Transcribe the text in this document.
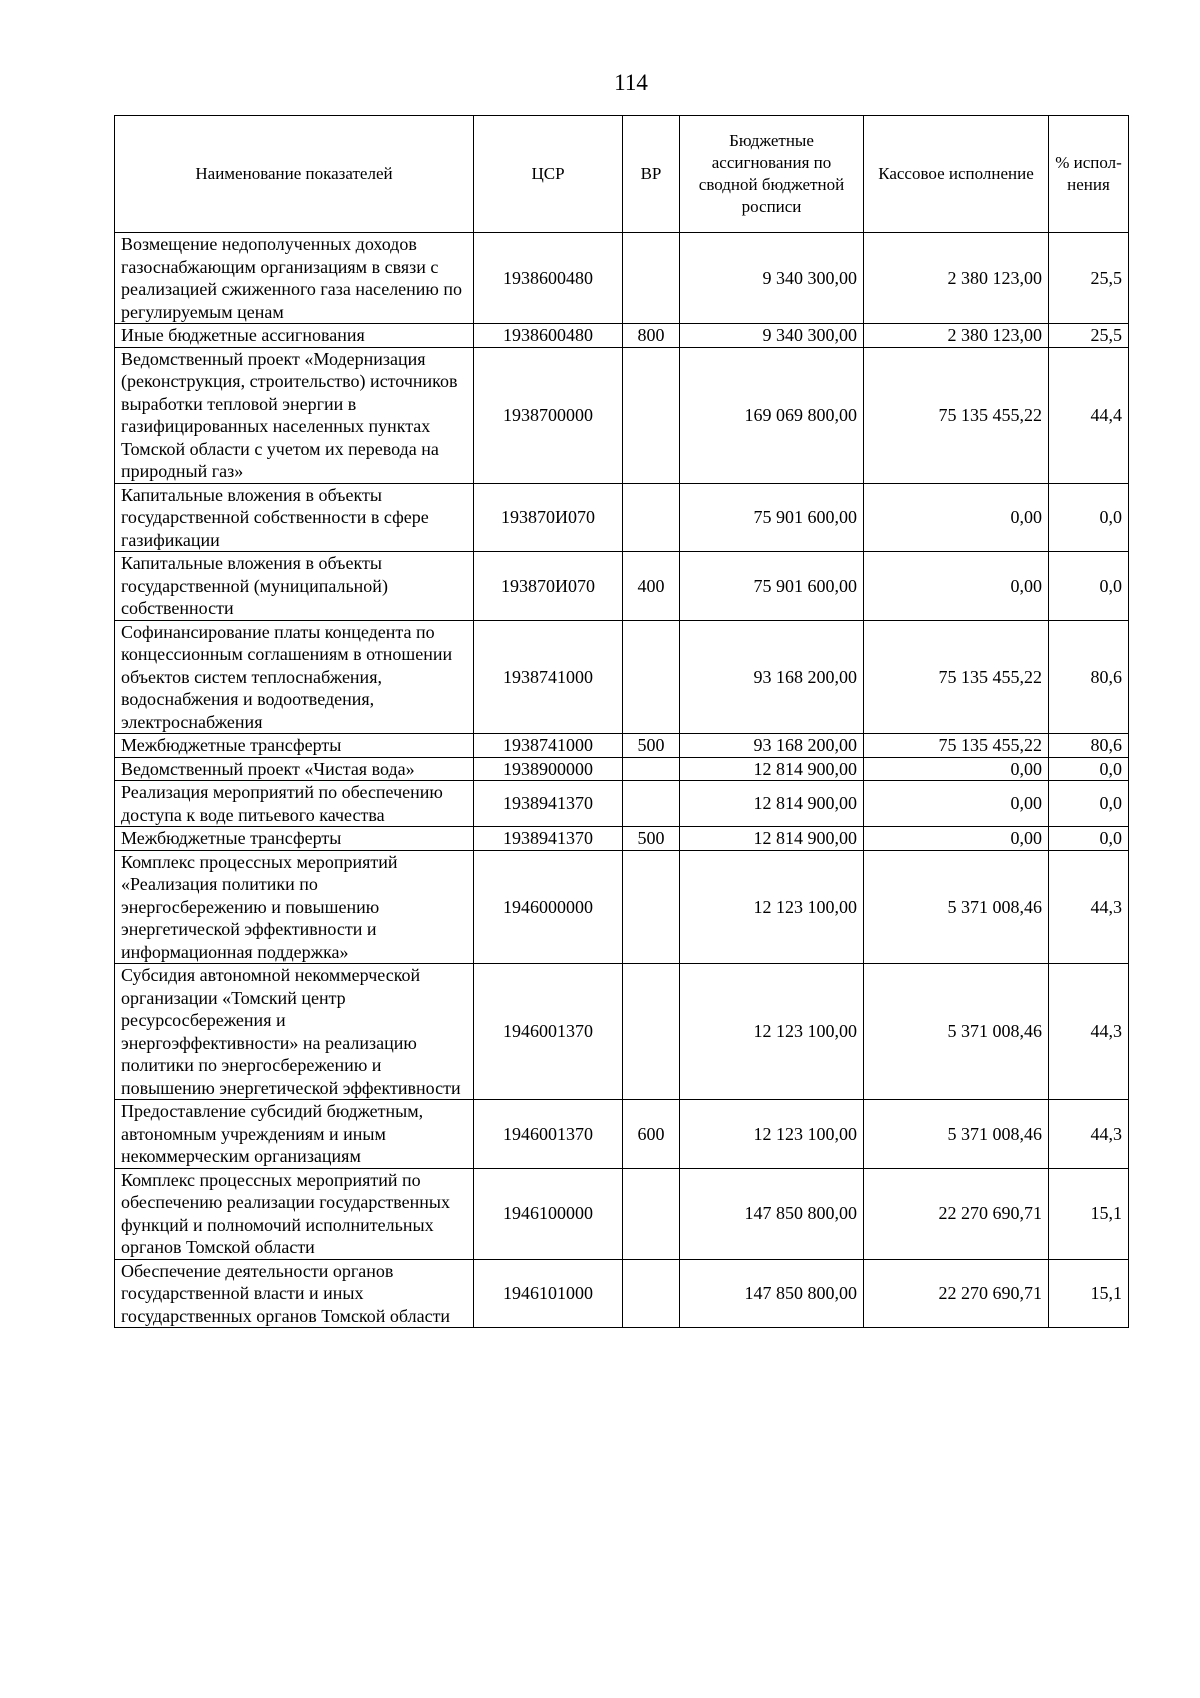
114
Наименование показателей	ЦСР	ВР	Бюджетные ассигнования по сводной бюджетной росписи	Кассовое исполнение	% испол-нения
Возмещение недополученных доходов газоснабжающим организациям в связи с реализацией сжиженного газа населению по регулируемым ценам	1938600480		9 340 300,00	2 380 123,00	25,5
Иные бюджетные ассигнования	1938600480	800	9 340 300,00	2 380 123,00	25,5
Ведомственный проект «Модернизация (реконструкция, строительство) источников выработки тепловой энергии в газифицированных населенных пунктах Томской области с учетом их перевода на природный газ»	1938700000		169 069 800,00	75 135 455,22	44,4
Капитальные вложения в объекты государственной собственности в сфере газификации	193870И070		75 901 600,00	0,00	0,0
Капитальные вложения в объекты государственной (муниципальной) собственности	193870И070	400	75 901 600,00	0,00	0,0
Софинансирование платы концедента по концессионным соглашениям в отношении объектов систем теплоснабжения, водоснабжения и водоотведения, электроснабжения	1938741000		93 168 200,00	75 135 455,22	80,6
Межбюджетные трансферты	1938741000	500	93 168 200,00	75 135 455,22	80,6
Ведомственный проект «Чистая вода»	1938900000		12 814 900,00	0,00	0,0
Реализация мероприятий по обеспечению доступа к воде питьевого качества	1938941370		12 814 900,00	0,00	0,0
Межбюджетные трансферты	1938941370	500	12 814 900,00	0,00	0,0
Комплекс процессных мероприятий «Реализация политики по энергосбережению и повышению энергетической эффективности и информационная поддержка»	1946000000		12 123 100,00	5 371 008,46	44,3
Субсидия автономной некоммерческой организации «Томский центр ресурсосбережения и энергоэффективности» на реализацию политики по энергосбережению и повышению энергетической эффективности	1946001370		12 123 100,00	5 371 008,46	44,3
Предоставление субсидий бюджетным, автономным учреждениям и иным некоммерческим организациям	1946001370	600	12 123 100,00	5 371 008,46	44,3
Комплекс процессных мероприятий по обеспечению реализации государственных функций и полномочий исполнительных органов Томской области	1946100000		147 850 800,00	22 270 690,71	15,1
Обеспечение деятельности органов государственной власти и иных государственных органов Томской области	1946101000		147 850 800,00	22 270 690,71	15,1
